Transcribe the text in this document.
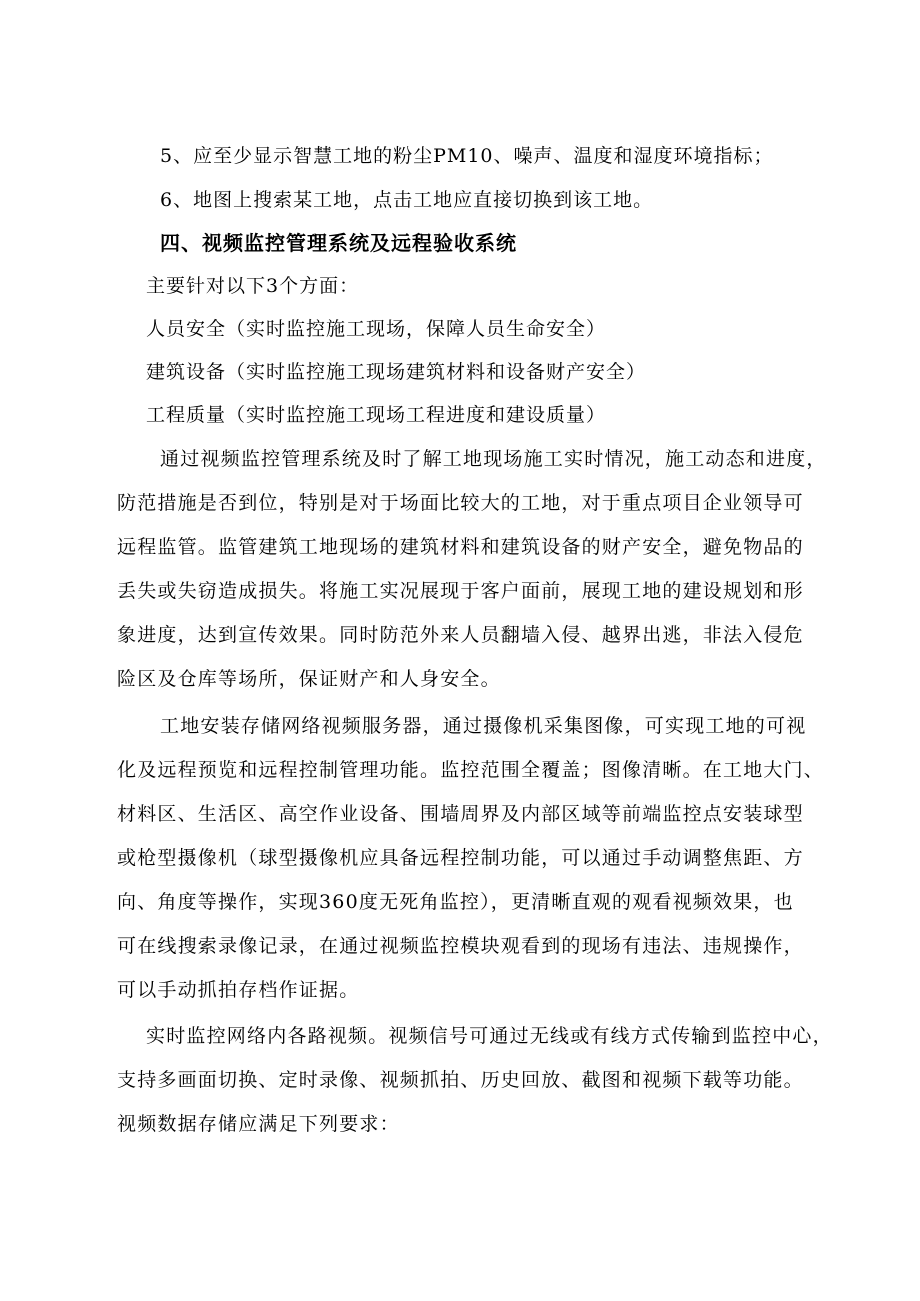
5、应至少显示智慧工地的粉尘PM10、噪声、温度和湿度环境指标；
6、地图上搜索某工地，点击工地应直接切换到该工地。
四、视频监控管理系统及远程验收系统
主要针对以下3个方面：
人员安全（实时监控施工现场，保障人员生命安全）
建筑设备（实时监控施工现场建筑材料和设备财产安全）
工程质量（实时监控施工现场工程进度和建设质量）
通过视频监控管理系统及时了解工地现场施工实时情况，施工动态和进度，
防范措施是否到位，特别是对于场面比较大的工地，对于重点项目企业领导可
远程监管。监管建筑工地现场的建筑材料和建筑设备的财产安全，避免物品的
丢失或失窃造成损失。将施工实况展现于客户面前，展现工地的建设规划和形
象进度，达到宣传效果。同时防范外来人员翻墙入侵、越界出逃，非法入侵危
险区及仓库等场所，保证财产和人身安全。
工地安装存储网络视频服务器，通过摄像机采集图像，可实现工地的可视
化及远程预览和远程控制管理功能。监控范围全覆盖；图像清晰。在工地大门、
材料区、生活区、高空作业设备、围墙周界及内部区域等前端监控点安装球型
或枪型摄像机（球型摄像机应具备远程控制功能，可以通过手动调整焦距、方
向、角度等操作，实现360度无死角监控），更清晰直观的观看视频效果，也
可在线搜索录像记录，在通过视频监控模块观看到的现场有违法、违规操作，
可以手动抓拍存档作证据。
实时监控网络内各路视频。视频信号可通过无线或有线方式传输到监控中心，
支持多画面切换、定时录像、视频抓拍、历史回放、截图和视频下载等功能。
视频数据存储应满足下列要求：
